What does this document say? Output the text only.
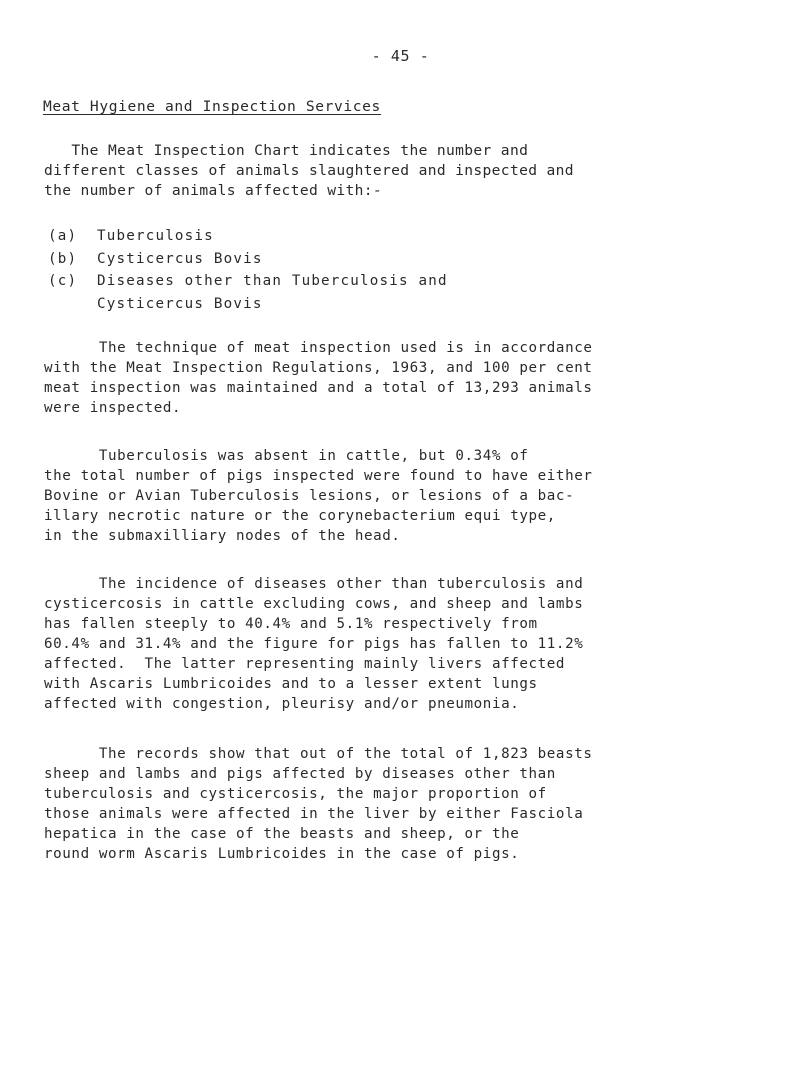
- 45 -
Meat Hygiene and Inspection Services
The Meat Inspection Chart indicates the number and
different classes of animals slaughtered and inspected and
the number of animals affected with:-
(a)	Tuberculosis
(b)	Cysticercus Bovis
(c)	Diseases other than Tuberculosis and
Cysticercus Bovis
The technique of meat inspection used is in accordance
with the Meat Inspection Regulations, 1963, and 100 per cent
meat inspection was maintained and a total of 13,293 animals
were inspected.
Tuberculosis was absent in cattle, but 0.34% of
the total number of pigs inspected were found to have either
Bovine or Avian Tuberculosis lesions, or lesions of a bac-
illary necrotic nature or the corynebacterium equi type,
in the submaxilliary nodes of the head.
The incidence of diseases other than tuberculosis and
cysticercosis in cattle excluding cows, and sheep and lambs
has fallen steeply to 40.4% and 5.1% respectively from
60.4% and 31.4% and the figure for pigs has fallen to 11.2%
affected.  The latter representing mainly livers affected
with Ascaris Lumbricoides and to a lesser extent lungs
affected with congestion, pleurisy and/or pneumonia.
The records show that out of the total of 1,823 beasts
sheep and lambs and pigs affected by diseases other than
tuberculosis and cysticercosis, the major proportion of
those animals were affected in the liver by either Fasciola
hepatica in the case of the beasts and sheep, or the
round worm Ascaris Lumbricoides in the case of pigs.
